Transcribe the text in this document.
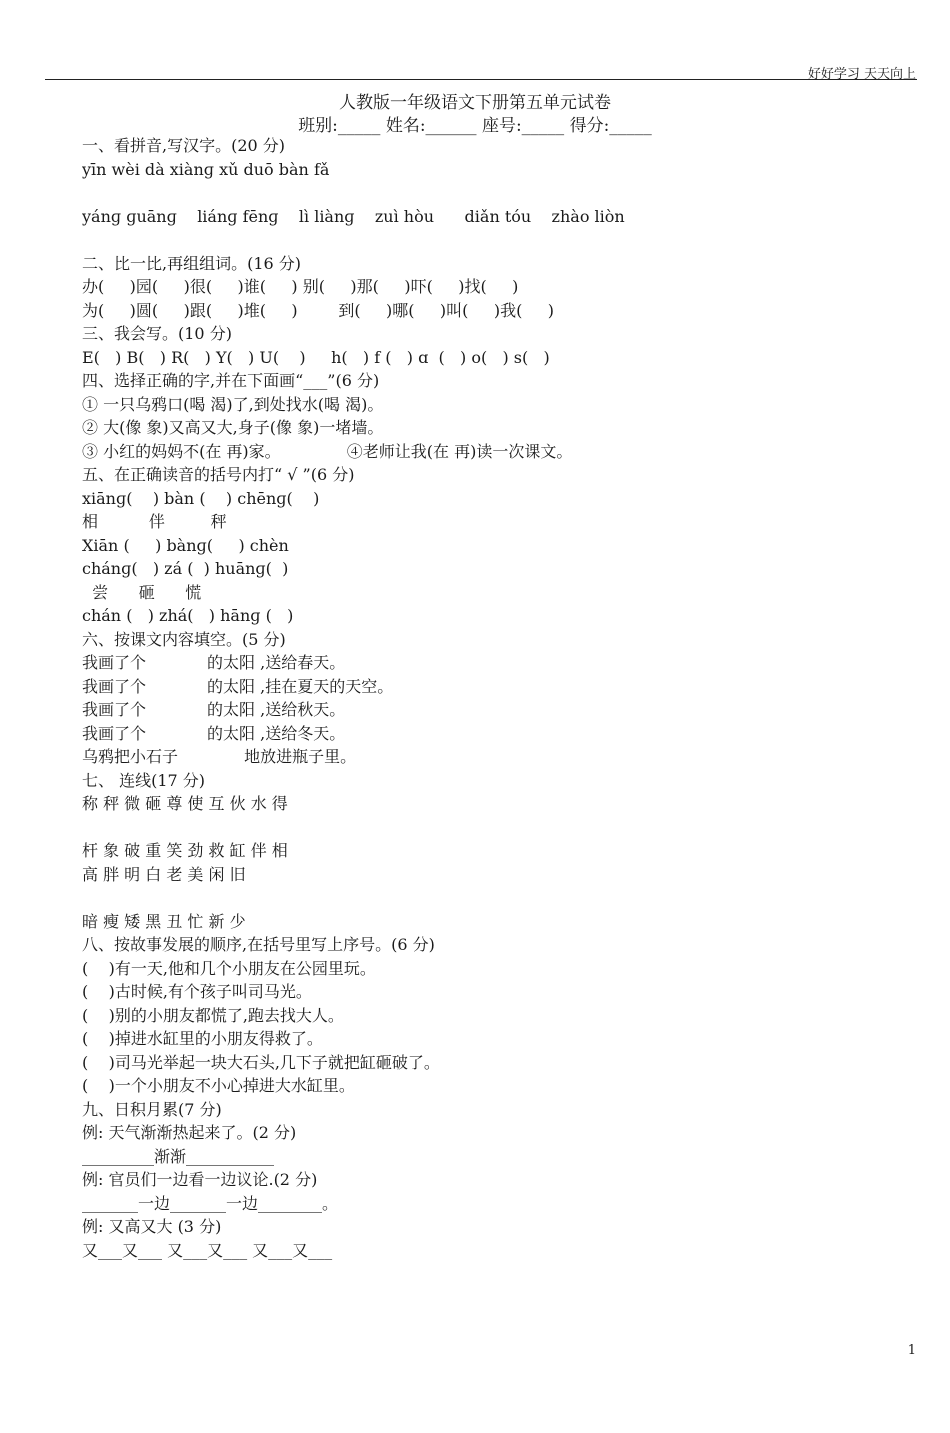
好好学习 天天向上
人教版一年级语文下册第五单元试卷
班别:_____ 姓名:______ 座号:_____ 得分:_____
一、看拼音,写汉字。(20 分)
yīn wèi dà xiànɡ xǔ duō bàn fǎ
yánɡ ɡuānɡ    liánɡ fēnɡ    lì liànɡ    zuì hòu      diǎn tóu    zhào liòn
二、比一比,再组组词。(16 分)
办(     )园(     )很(     )谁(     ) 别(     )那(     )吓(     )找(     )
为(     )圆(     )跟(     )堆(     )        到(     )哪(     )叫(     )我(     )
三、我会写。(10 分)
E(   ) B(   ) R(   ) Y(   ) U(    )     h(   ) f (   ) ɑ  (   ) o(   ) s(   )
四、选择正确的字,并在下面画“___”(6 分)
① 一只乌鸦口(喝 渴)了,到处找水(喝 渴)。
② 大(像 象)又高又大,身子(像 象)一堵墙。
③ 小红的妈妈不(在 再)家。             ④老师让我(在 再)读一次课文。
五、在正确读音的括号内打“ √ ”(6 分)
xiānɡ(    ) bàn (    ) chēnɡ(    )
相          伴         秤
Xiān (     ) bànɡ(     ) chèn
chánɡ(   ) zá (  ) huānɡ(  )
尝      砸      慌
chán (   ) zhá(   ) hānɡ (   )
六、按课文内容填空。(5 分)
我画了个            的太阳 ,送给春天。
我画了个            的太阳 ,挂在夏天的天空。
我画了个            的太阳 ,送给秋天。
我画了个            的太阳 ,送给冬天。
乌鸦把小石子             地放进瓶子里。
七、 连线(17 分)
称 秤 微 砸 尊 使 互 伙 水 得
杆 象 破 重 笑 劲 救 缸 伴 相
高 胖 明 白 老 美 闲 旧
暗 瘦 矮 黑 丑 忙 新 少
八、按故事发展的顺序,在括号里写上序号。(6 分)
(    )有一天,他和几个小朋友在公园里玩。
(    )古时候,有个孩子叫司马光。
(    )别的小朋友都慌了,跑去找大人。
(    )掉进水缸里的小朋友得救了。
(    )司马光举起一块大石头,几下子就把缸砸破了。
(    )一个小朋友不小心掉进大水缸里。
九、日积月累(7 分)
例: 天气渐渐热起来了。(2 分)
_________渐渐___________
例: 官员们一边看一边议论.(2 分)
_______一边_______一边________。
例: 又高又大 (3 分)
又___又___ 又___又___ 又___又___
1
